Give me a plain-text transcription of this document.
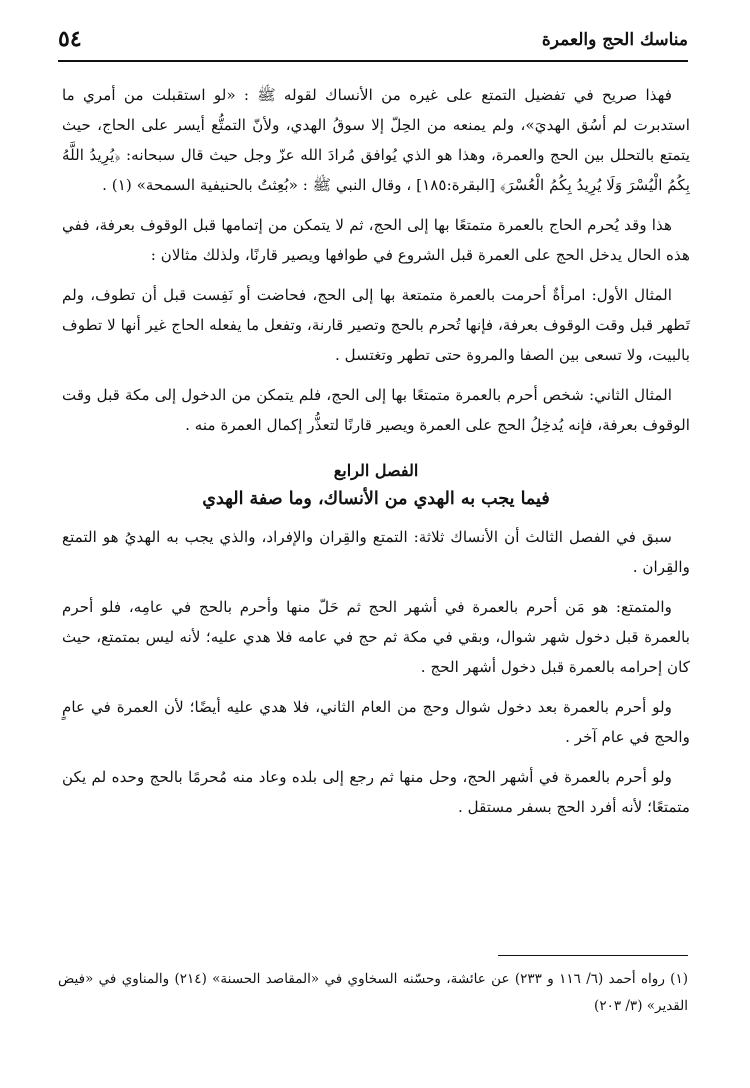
مناسك الحج والعمرة
٥٤

فهذا صريح في تفضيل التمتع على غيره من الأنساك لقوله ﷺ : «لو استقبلت من أمري ما استدبرت لم أسُق الهديَ»، ولم يمنعه من الحِلّ إلا سوقُ الهدي، ولأنّ التمتُّع أيسر على الحاج، حيث يتمتع بالتحلل بين الحج والعمرة، وهذا هو الذي يُوافق مُرادَ الله عزّ وجل حيث قال سبحانه: ﴿يُرِيدُ اللَّهُ بِكُمُ الْيُسْرَ وَلَا يُرِيدُ بِكُمُ الْعُسْرَ﴾ [البقرة:١٨٥] ، وقال النبي ﷺ : «بُعِثتُ بالحنيفية السمحة» (١) .

هذا وقد يُحرم الحاج بالعمرة متمتعًا بها إلى الحج، ثم لا يتمكن من إتمامها قبل الوقوف بعرفة، ففي هذه الحال يدخل الحج على العمرة قبل الشروع في طوافها ويصير قارنًا، ولذلك مثالان :

المثال الأول: امرأةٌ أحرمت بالعمرة متمتعة بها إلى الحج، فحاضت أو نَفِست قبل أن تطوف، ولم تَطهر قبل وقت الوقوف بعرفة، فإنها تُحرم بالحج وتصير قارنة، وتفعل ما يفعله الحاج غير أنها لا تطوف بالبيت، ولا تسعى بين الصفا والمروة حتى تطهر وتغتسل .

المثال الثاني: شخص أحرم بالعمرة متمتعًا بها إلى الحج، فلم يتمكن من الدخول إلى مكة قبل وقت الوقوف بعرفة، فإنه يُدخِلُ الحج على العمرة ويصير قارنًا لتعذُّر إكمال العمرة منه .

الفصل الرابع
فيما يجب به الهدي من الأنساك، وما صفة الهدي

سبق في الفصل الثالث أن الأنساك ثلاثة: التمتع والقِران والإفراد، والذي يجب به الهديُ هو التمتع والقِران .

والمتمتع: هو مَن أحرم بالعمرة في أشهر الحج ثم حَلّ منها وأحرم بالحج في عامِه، فلو أحرم بالعمرة قبل دخول شهر شوال، وبقي في مكة ثم حج في عامه فلا هدي عليه؛ لأنه ليس بمتمتع، حيث كان إحرامه بالعمرة قبل دخول أشهر الحج .

ولو أحرم بالعمرة بعد دخول شوال وحج من العام الثاني، فلا هدي عليه أيضًا؛ لأن العمرة في عامٍ والحج في عام آخر .

ولو أحرم بالعمرة في أشهر الحج، وحل منها ثم رجع إلى بلده وعاد منه مُحرمًا بالحج وحده لم يكن متمتعًا؛ لأنه أفرد الحج بسفر مستقل .

(١) رواه أحمد (٦/ ١١٦ و ٢٣٣) عن عائشة، وحسّنه السخاوي في «المقاصد الحسنة» (٢١٤) والمناوي في «فيض القدير» (٣/ ٢٠٣)
